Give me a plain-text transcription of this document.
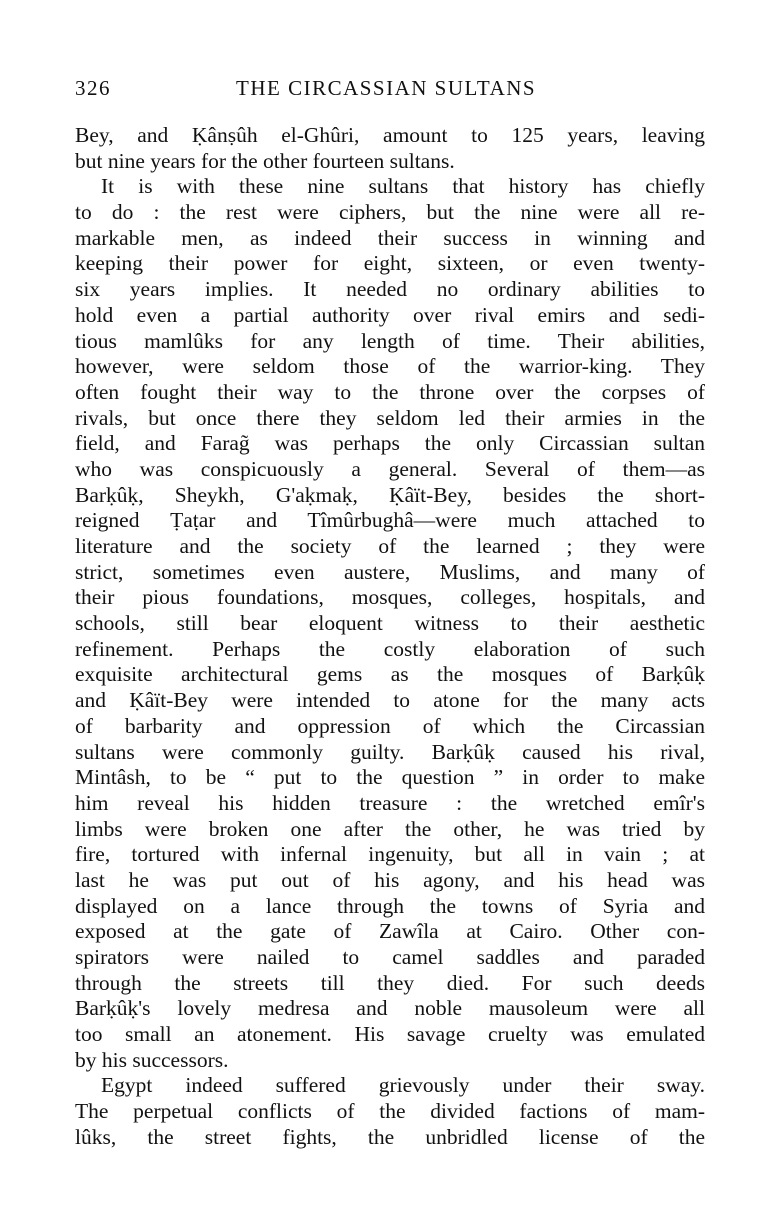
326	THE CIRCASSIAN SULTANS
Bey, and Ḳânṣûh el-Ghûri, amount to 125 years, leaving
but nine years for the other fourteen sultans.
It is with these nine sultans that history has chiefly
to do : the rest were ciphers, but the nine were all re-
markable men, as indeed their success in winning and
keeping their power for eight, sixteen, or even twenty-
six years implies. It needed no ordinary abilities to
hold even a partial authority over rival emirs and sedi-
tious mamlûks for any length of time. Their abilities,
however, were seldom those of the warrior-king. They
often fought their way to the throne over the corpses of
rivals, but once there they seldom led their armies in the
field, and Farag̃ was perhaps the only Circassian sultan
who was conspicuously a general. Several of them—as
Barḳûḳ, Sheykh, G'aḳmaḳ, Ḳâït-Bey, besides the short-
reigned Ṭaṭar and Tîmûrbughâ—were much attached to
literature and the society of the learned ; they were
strict, sometimes even austere, Muslims, and many of
their pious foundations, mosques, colleges, hospitals, and
schools, still bear eloquent witness to their aesthetic
refinement. Perhaps the costly elaboration of such
exquisite architectural gems as the mosques of Barḳûḳ
and Ḳâït-Bey were intended to atone for the many acts
of barbarity and oppression of which the Circassian
sultans were commonly guilty. Barḳûḳ caused his rival,
Mintâsh, to be “ put to the question ” in order to make
him reveal his hidden treasure : the wretched emîr's
limbs were broken one after the other, he was tried by
fire, tortured with infernal ingenuity, but all in vain ; at
last he was put out of his agony, and his head was
displayed on a lance through the towns of Syria and
exposed at the gate of Zawîla at Cairo. Other con-
spirators were nailed to camel saddles and paraded
through the streets till they died. For such deeds
Barḳûḳ's lovely medresa and noble mausoleum were all
too small an atonement. His savage cruelty was emulated
by his successors.
Egypt indeed suffered grievously under their sway.
The perpetual conflicts of the divided factions of mam-
lûks, the street fights, the unbridled license of the
